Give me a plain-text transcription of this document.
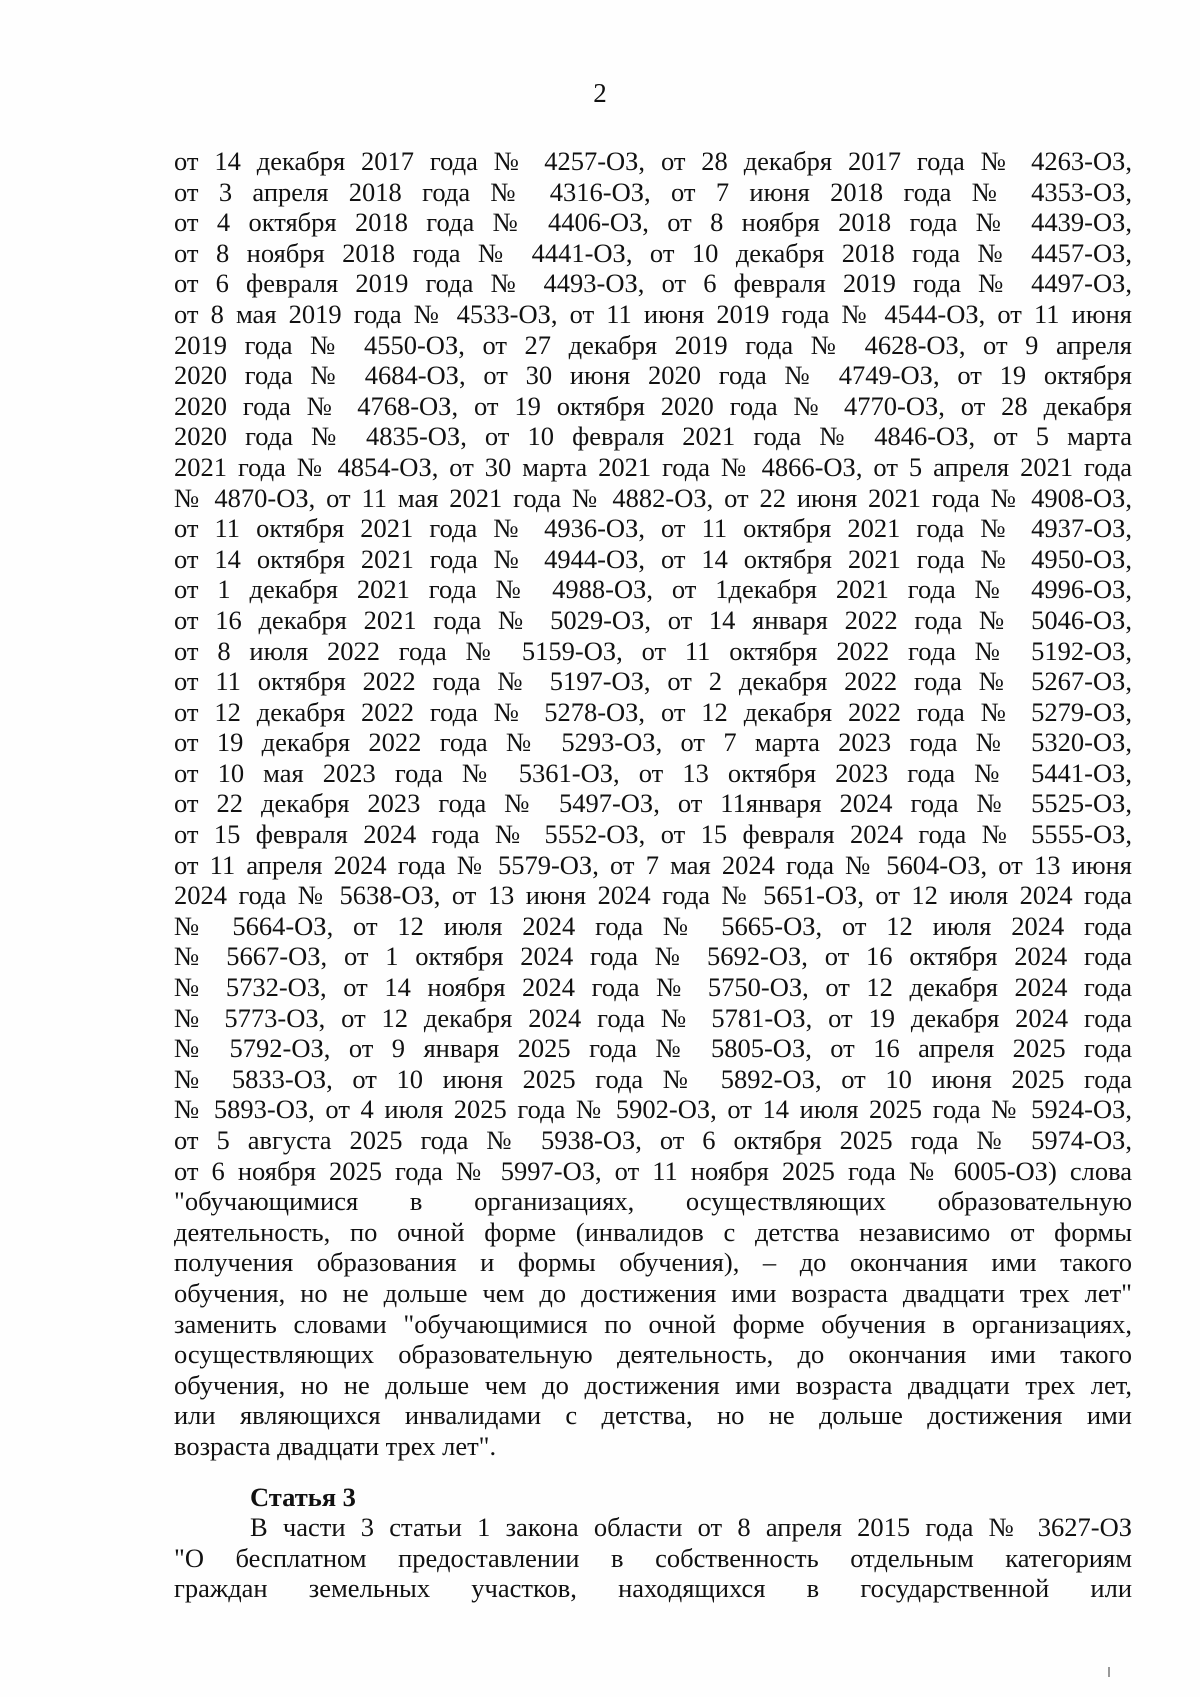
2
от 14 декабря 2017 года № 4257-ОЗ, от 28 декабря 2017 года № 4263-ОЗ,
от 3 апреля 2018 года № 4316-ОЗ, от 7 июня 2018 года № 4353-ОЗ,
от 4 октября 2018 года № 4406-ОЗ, от 8 ноября 2018 года № 4439-ОЗ,
от 8 ноября 2018 года № 4441-ОЗ, от 10 декабря 2018 года № 4457-ОЗ,
от 6 февраля 2019 года № 4493-ОЗ, от 6 февраля 2019 года № 4497-ОЗ,
от 8 мая 2019 года № 4533-ОЗ, от 11 июня 2019 года № 4544-ОЗ, от 11 июня
2019 года № 4550-ОЗ, от 27 декабря 2019 года № 4628-ОЗ, от 9 апреля
2020 года № 4684-ОЗ, от 30 июня 2020 года № 4749-ОЗ, от 19 октября
2020 года № 4768-ОЗ, от 19 октября 2020 года № 4770-ОЗ, от 28 декабря
2020 года № 4835-ОЗ, от 10 февраля 2021 года № 4846-ОЗ, от 5 марта
2021 года № 4854-ОЗ, от 30 марта 2021 года № 4866-ОЗ, от 5 апреля 2021 года
№ 4870-ОЗ, от 11 мая 2021 года № 4882-ОЗ, от 22 июня 2021 года № 4908-ОЗ,
от 11 октября 2021 года № 4936-ОЗ, от 11 октября 2021 года № 4937-ОЗ,
от 14 октября 2021 года № 4944-ОЗ, от 14 октября 2021 года № 4950-ОЗ,
от 1 декабря 2021 года № 4988-ОЗ, от 1декабря 2021 года № 4996-ОЗ,
от 16 декабря 2021 года № 5029-ОЗ, от 14 января 2022 года № 5046-ОЗ,
от 8 июля 2022 года № 5159-ОЗ, от 11 октября 2022 года № 5192-ОЗ,
от 11 октября 2022 года № 5197-ОЗ, от 2 декабря 2022 года № 5267-ОЗ,
от 12 декабря 2022 года № 5278-ОЗ, от 12 декабря 2022 года № 5279-ОЗ,
от 19 декабря 2022 года № 5293-ОЗ, от 7 марта 2023 года № 5320-ОЗ,
от 10 мая 2023 года № 5361-ОЗ, от 13 октября 2023 года № 5441-ОЗ,
от 22 декабря 2023 года № 5497-ОЗ, от 11января 2024 года № 5525-ОЗ,
от 15 февраля 2024 года № 5552-ОЗ, от 15 февраля 2024 года № 5555-ОЗ,
от 11 апреля 2024 года № 5579-ОЗ, от 7 мая 2024 года № 5604-ОЗ, от 13 июня
2024 года № 5638-ОЗ, от 13 июня 2024 года № 5651-ОЗ, от 12 июля 2024 года
№ 5664-ОЗ, от 12 июля 2024 года № 5665-ОЗ, от 12 июля 2024 года
№ 5667-ОЗ, от 1 октября 2024 года № 5692-ОЗ, от 16 октября 2024 года
№ 5732-ОЗ, от 14 ноября 2024 года № 5750-ОЗ, от 12 декабря 2024 года
№ 5773-ОЗ, от 12 декабря 2024 года № 5781-ОЗ, от 19 декабря 2024 года
№ 5792-ОЗ, от 9 января 2025 года № 5805-ОЗ, от 16 апреля 2025 года
№ 5833-ОЗ, от 10 июня 2025 года № 5892-ОЗ, от 10 июня 2025 года
№ 5893-ОЗ, от 4 июля 2025 года № 5902-ОЗ, от 14 июля 2025 года № 5924-ОЗ,
от 5 августа 2025 года № 5938-ОЗ, от 6 октября 2025 года № 5974-ОЗ,
от 6 ноября 2025 года № 5997-ОЗ, от 11 ноября 2025 года № 6005-ОЗ) слова
"обучающимися в организациях, осуществляющих образовательную
деятельность, по очной форме (инвалидов с детства независимо от формы
получения образования и формы обучения), – до окончания ими такого
обучения, но не дольше чем до достижения ими возраста двадцати трех лет"
заменить словами "обучающимися по очной форме обучения в организациях,
осуществляющих образовательную деятельность, до окончания ими такого
обучения, но не дольше чем до достижения ими возраста двадцати трех лет,
или являющихся инвалидами с детства, но не дольше достижения ими
возраста двадцати трех лет".
Статья 3
В части 3 статьи 1 закона области от 8 апреля 2015 года № 3627-ОЗ
"О бесплатном предоставлении в собственность отдельным категориям
граждан земельных участков, находящихся в государственной или
